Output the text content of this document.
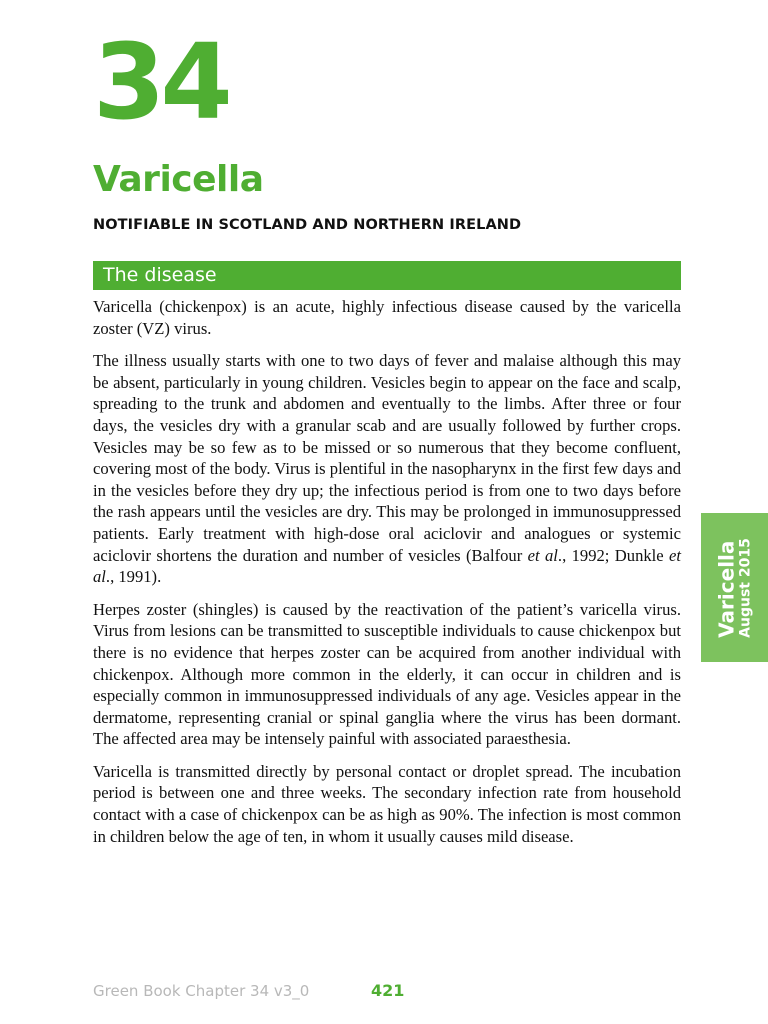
34
Varicella

NOTIFIABLE IN SCOTLAND AND NORTHERN IRELAND

The disease

Varicella (chickenpox) is an acute, highly infectious disease caused by the varicella zoster (VZ) virus.

The illness usually starts with one to two days of fever and malaise although this may be absent, particularly in young children. Vesicles begin to appear on the face and scalp, spreading to the trunk and abdomen and eventually to the limbs. After three or four days, the vesicles dry with a granular scab and are usually followed by further crops. Vesicles may be so few as to be missed or so numerous that they become confluent, covering most of the body. Virus is plentiful in the nasopharynx in the first few days and in the vesicles before they dry up; the infectious period is from one to two days before the rash appears until the vesicles are dry. This may be prolonged in immunosuppressed patients. Early treatment with high-dose oral aciclovir and analogues or systemic aciclovir shortens the duration and number of vesicles (Balfour et al., 1992; Dunkle et al., 1991).

Herpes zoster (shingles) is caused by the reactivation of the patient’s varicella virus. Virus from lesions can be transmitted to susceptible individuals to cause chickenpox but there is no evidence that herpes zoster can be acquired from another individual with chickenpox. Although more common in the elderly, it can occur in children and is especially common in immunosuppressed individuals of any age. Vesicles appear in the dermatome, representing cranial or spinal ganglia where the virus has been dormant. The affected area may be intensely painful with associated paraesthesia.

Varicella is transmitted directly by personal contact or droplet spread. The incubation period is between one and three weeks. The secondary infection rate from household contact with a case of chickenpox can be as high as 90%. The infection is most common in children below the age of ten, in whom it usually causes mild disease.

Varicella August 2015
Green Book Chapter 34 v3_0	421
